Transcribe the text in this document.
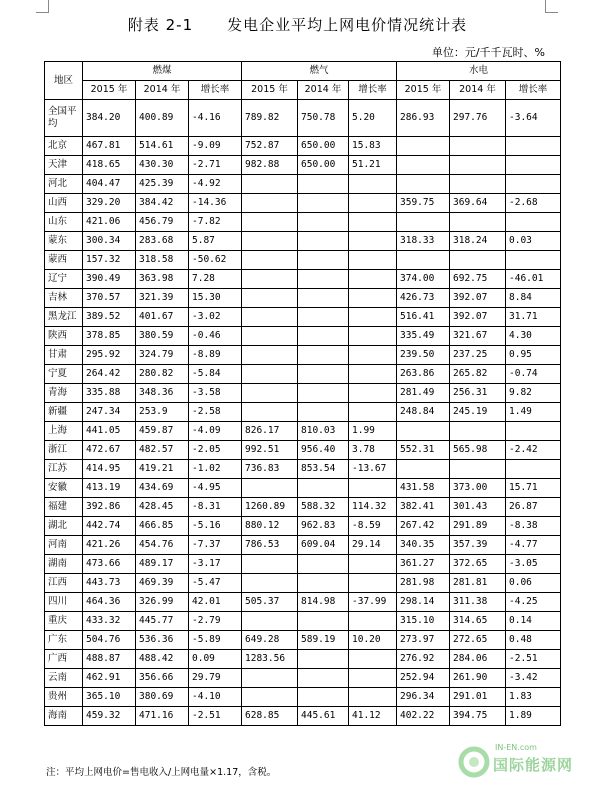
附表 2-1 发电企业平均上网电价情况统计表
单位：元/千千瓦时、%
地区	燃煤			燃气			水电		
	2015 年	2014 年	增长率	2015 年	2014 年	增长率	2015 年	2014 年	增长率
全国平均	384.20	400.89	-4.16	789.82	750.78	5.20	286.93	297.76	-3.64
北京	467.81	514.61	-9.09	752.87	650.00	15.83			
天津	418.65	430.30	-2.71	982.88	650.00	51.21			
河北	404.47	425.39	-4.92						
山西	329.20	384.42	-14.36				359.75	369.64	-2.68
山东	421.06	456.79	-7.82						
蒙东	300.34	283.68	5.87				318.33	318.24	0.03
蒙西	157.32	318.58	-50.62						
辽宁	390.49	363.98	7.28				374.00	692.75	-46.01
吉林	370.57	321.39	15.30				426.73	392.07	8.84
黑龙江	389.52	401.67	-3.02				516.41	392.07	31.71
陕西	378.85	380.59	-0.46				335.49	321.67	4.30
甘肃	295.92	324.79	-8.89				239.50	237.25	0.95
宁夏	264.42	280.82	-5.84				263.86	265.82	-0.74
青海	335.88	348.36	-3.58				281.49	256.31	9.82
新疆	247.34	253.9	-2.58				248.84	245.19	1.49
上海	441.05	459.87	-4.09	826.17	810.03	1.99			
浙江	472.67	482.57	-2.05	992.51	956.40	3.78	552.31	565.98	-2.42
江苏	414.95	419.21	-1.02	736.83	853.54	-13.67			
安徽	413.19	434.69	-4.95				431.58	373.00	15.71
福建	392.86	428.45	-8.31	1260.89	588.32	114.32	382.41	301.43	26.87
湖北	442.74	466.85	-5.16	880.12	962.83	-8.59	267.42	291.89	-8.38
河南	421.26	454.76	-7.37	786.53	609.04	29.14	340.35	357.39	-4.77
湖南	473.66	489.17	-3.17				361.27	372.65	-3.05
江西	443.73	469.39	-5.47				281.98	281.81	0.06
四川	464.36	326.99	42.01	505.37	814.98	-37.99	298.14	311.38	-4.25
重庆	433.32	445.77	-2.79				315.10	314.65	0.14
广东	504.76	536.36	-5.89	649.28	589.19	10.20	273.97	272.65	0.48
广西	488.87	488.42	0.09	1283.56			276.92	284.06	-2.51
云南	462.91	356.66	29.79				252.94	261.90	-3.42
贵州	365.10	380.69	-4.10				296.34	291.01	1.83
海南	459.32	471.16	-2.51	628.85	445.61	41.12	402.22	394.75	1.89
注：平均上网电价=售电收入/上网电量×1.17，含税。
IN-EN.com
国际能源网
